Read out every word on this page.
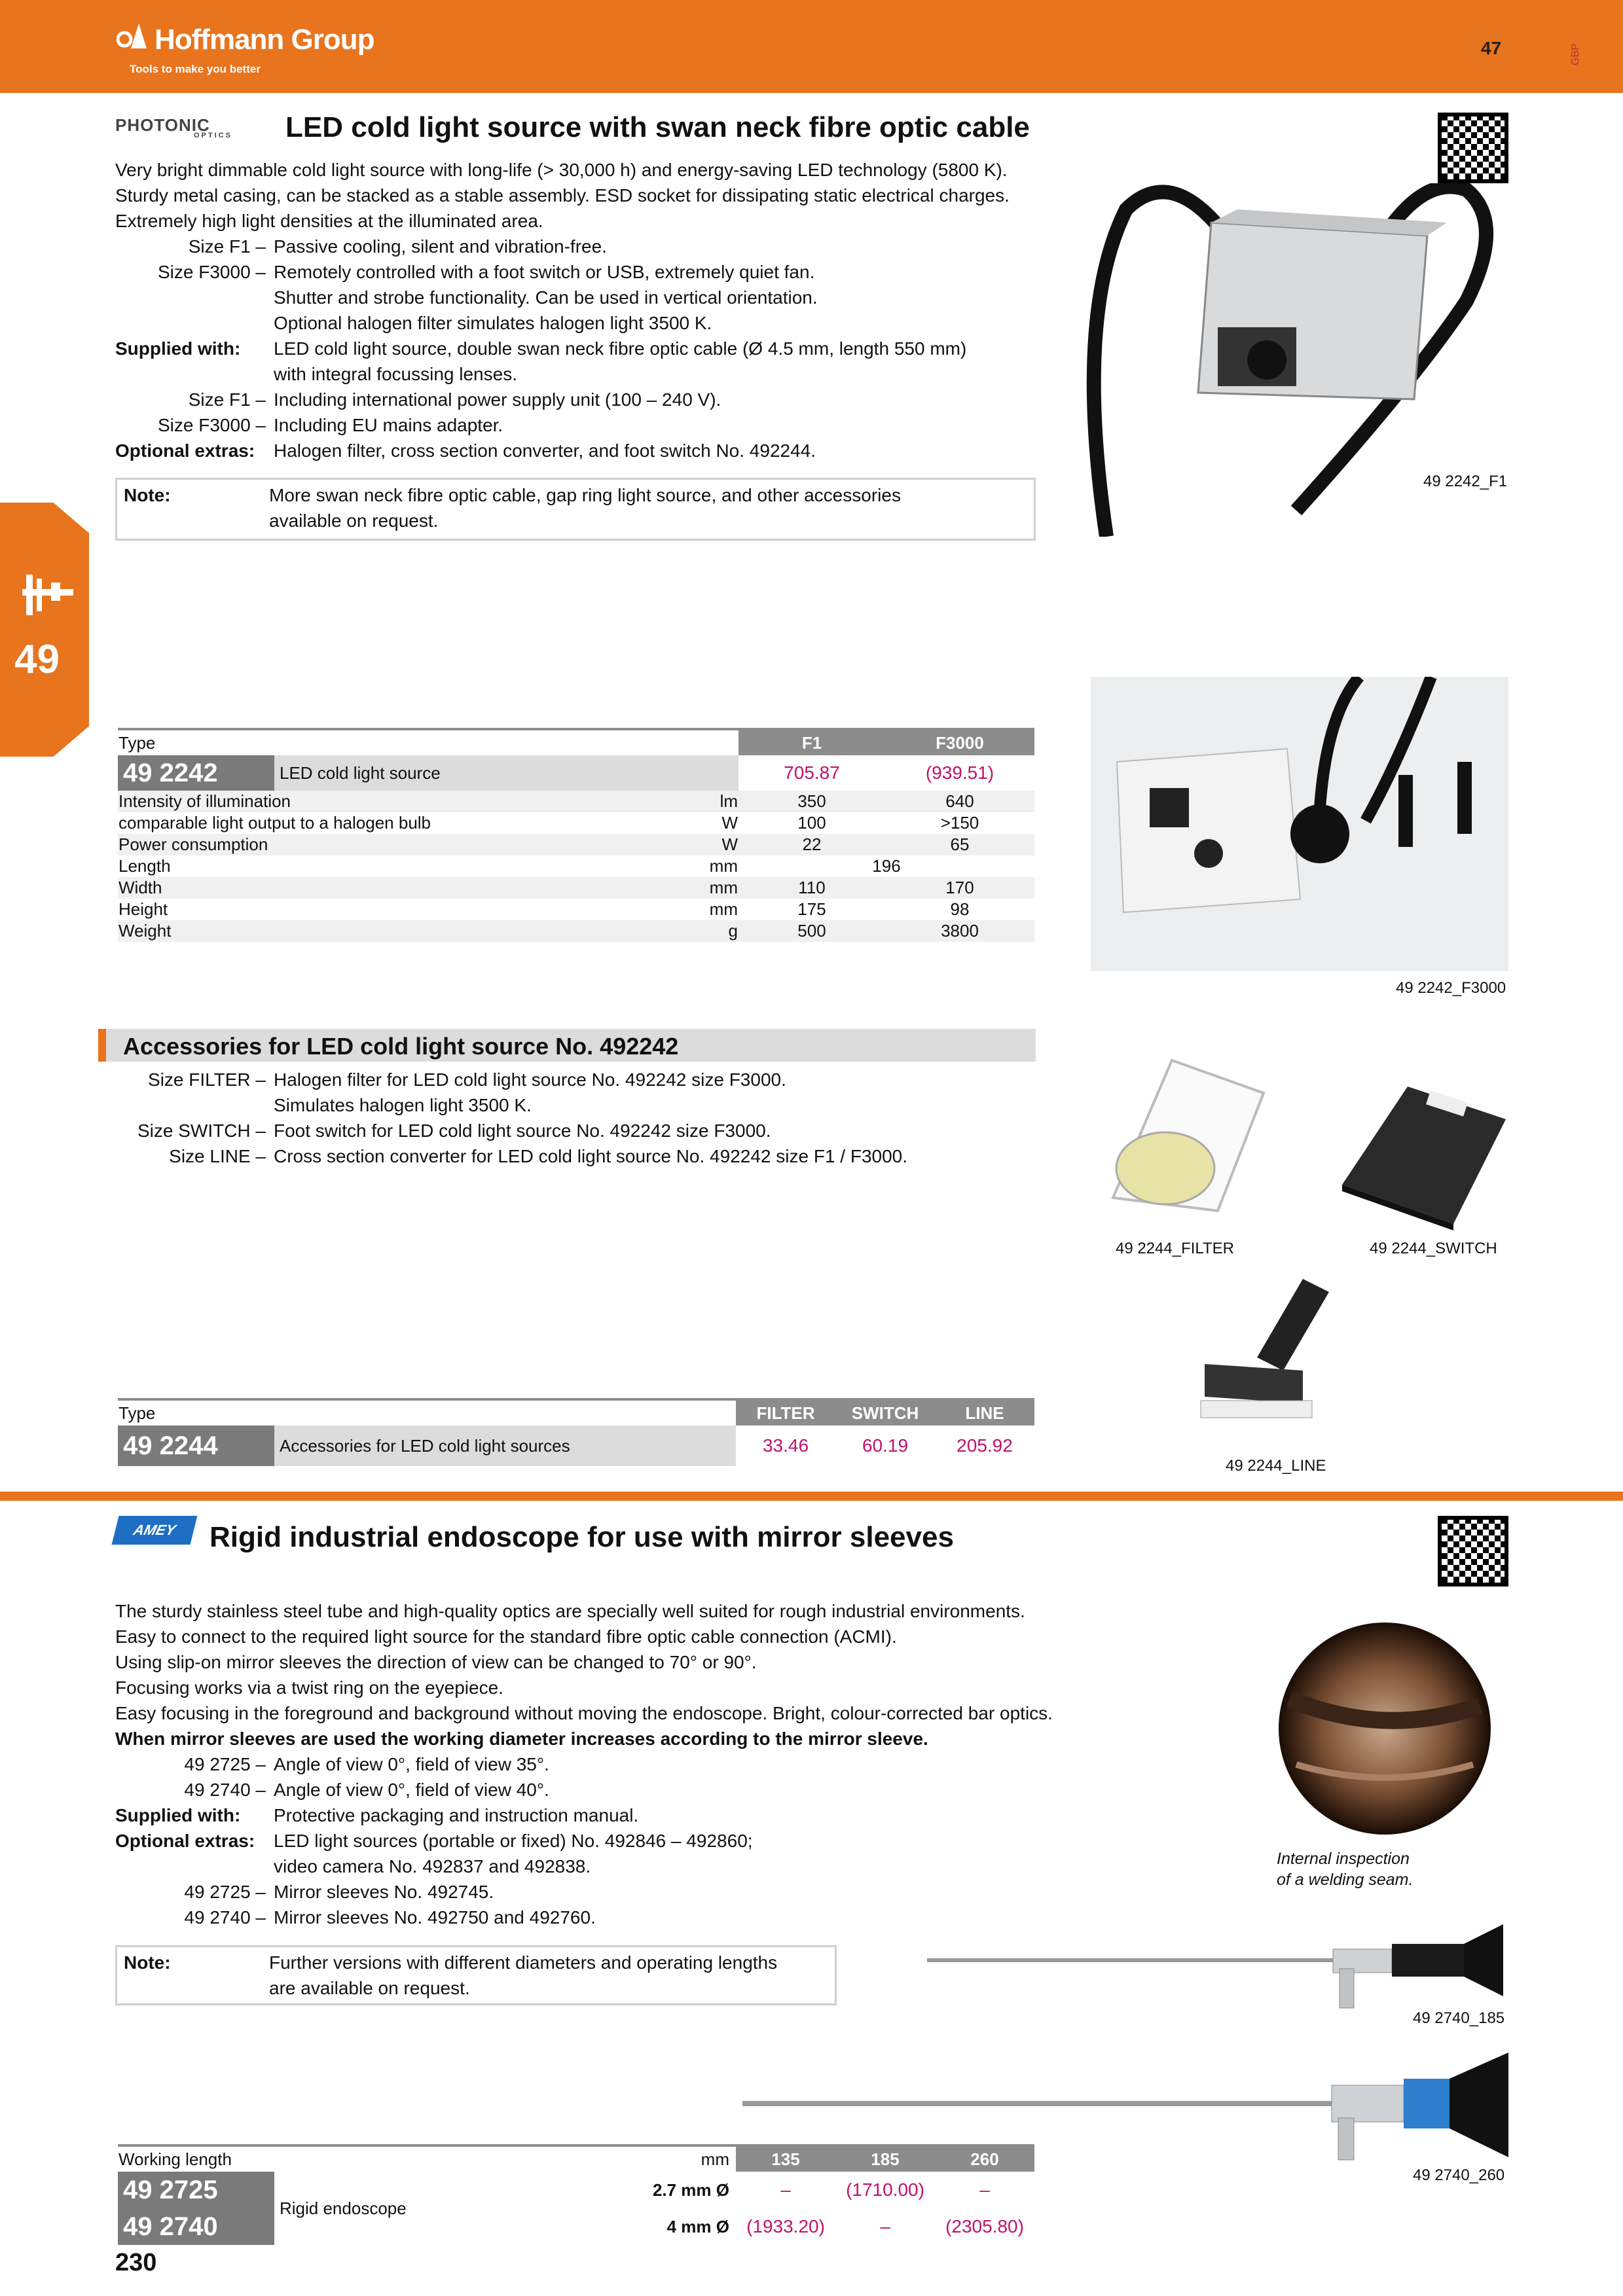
Hoffmann Group
Tools to make you better
47	GBP
49
PHOTONIC
OPTICS LED cold light source with swan neck fibre optic cable
Very bright dimmable cold light source with long-life (> 30,000 h) and energy-saving LED technology (5800 K).
Sturdy metal casing, can be stacked as a stable assembly. ESD socket for dissipating static electrical charges.
Extremely high light densities at the illuminated area.
Size F1 – Passive cooling, silent and vibration-free.
Size F3000 – Remotely controlled with a foot switch or USB, extremely quiet fan.
Shutter and strobe functionality. Can be used in vertical orientation.
Optional halogen filter simulates halogen light 3500 K.
Supplied with:	LED cold light source, double swan neck fibre optic cable (Ø 4.5 mm, length 550 mm)
with integral focussing lenses.
Size F1 – Including international power supply unit (100 – 240 V).
Size F3000 – Including EU mains adapter.
Optional extras:	Halogen filter, cross section converter, and foot switch No. 492244.
Note:	More swan neck fibre optic cable, gap ring light source, and other accessories
available on request.
49 2242_F1
49 2242_F3000
Type			F1	F3000
49 2242	LED cold light source		705.87	(939.51)
Intensity of illumination		lm	350	640
comparable light output to a halogen bulb		W	100	>150
Power consumption		W	22	65
Length		mm	196	
Width		mm	110	170
Height		mm	175	98
Weight		g	500	3800
Accessories for LED cold light source No. 492242
Size FILTER – Halogen filter for LED cold light source No. 492242 size F3000.
Simulates halogen light 3500 K.
Size SWITCH – Foot switch for LED cold light source No. 492242 size F3000.
Size LINE – Cross section converter for LED cold light source No. 492242 size F1 / F3000.
49 2244_FILTER	49 2244_SWITCH
49 2244_LINE
Type		FILTER	SWITCH	LINE
49 2244	Accessories for LED cold light sources	33.46	60.19	205.92
AMEY	Rigid industrial endoscope for use with mirror sleeves
The sturdy stainless steel tube and high-quality optics are specially well suited for rough industrial environments.
Easy to connect to the required light source for the standard fibre optic cable connection (ACMI).
Using slip-on mirror sleeves the direction of view can be changed to 70° or 90°.
Focusing works via a twist ring on the eyepiece.
Easy focusing in the foreground and background without moving the endoscope. Bright, colour-corrected bar optics.
When mirror sleeves are used the working diameter increases according to the mirror sleeve.
49 2725 – Angle of view 0°, field of view 35°.
49 2740 – Angle of view 0°, field of view 40°.
Supplied with:	Protective packaging and instruction manual.
Optional extras:	LED light sources (portable or fixed) No. 492846 – 492860;
video camera No. 492837 and 492838.
49 2725 – Mirror sleeves No. 492745.
49 2740 – Mirror sleeves No. 492750 and 492760.
Note:	Further versions with different diameters and operating lengths
are available on request.
Internal inspection
of a welding seam.
49 2740_185
49 2740_260
Working length		mm	135	185	260
49 2725	Rigid endoscope	2.7 mm Ø	–	(1710.00)	–
49 2740		4 mm Ø	(1933.20)	–	(2305.80)
230
